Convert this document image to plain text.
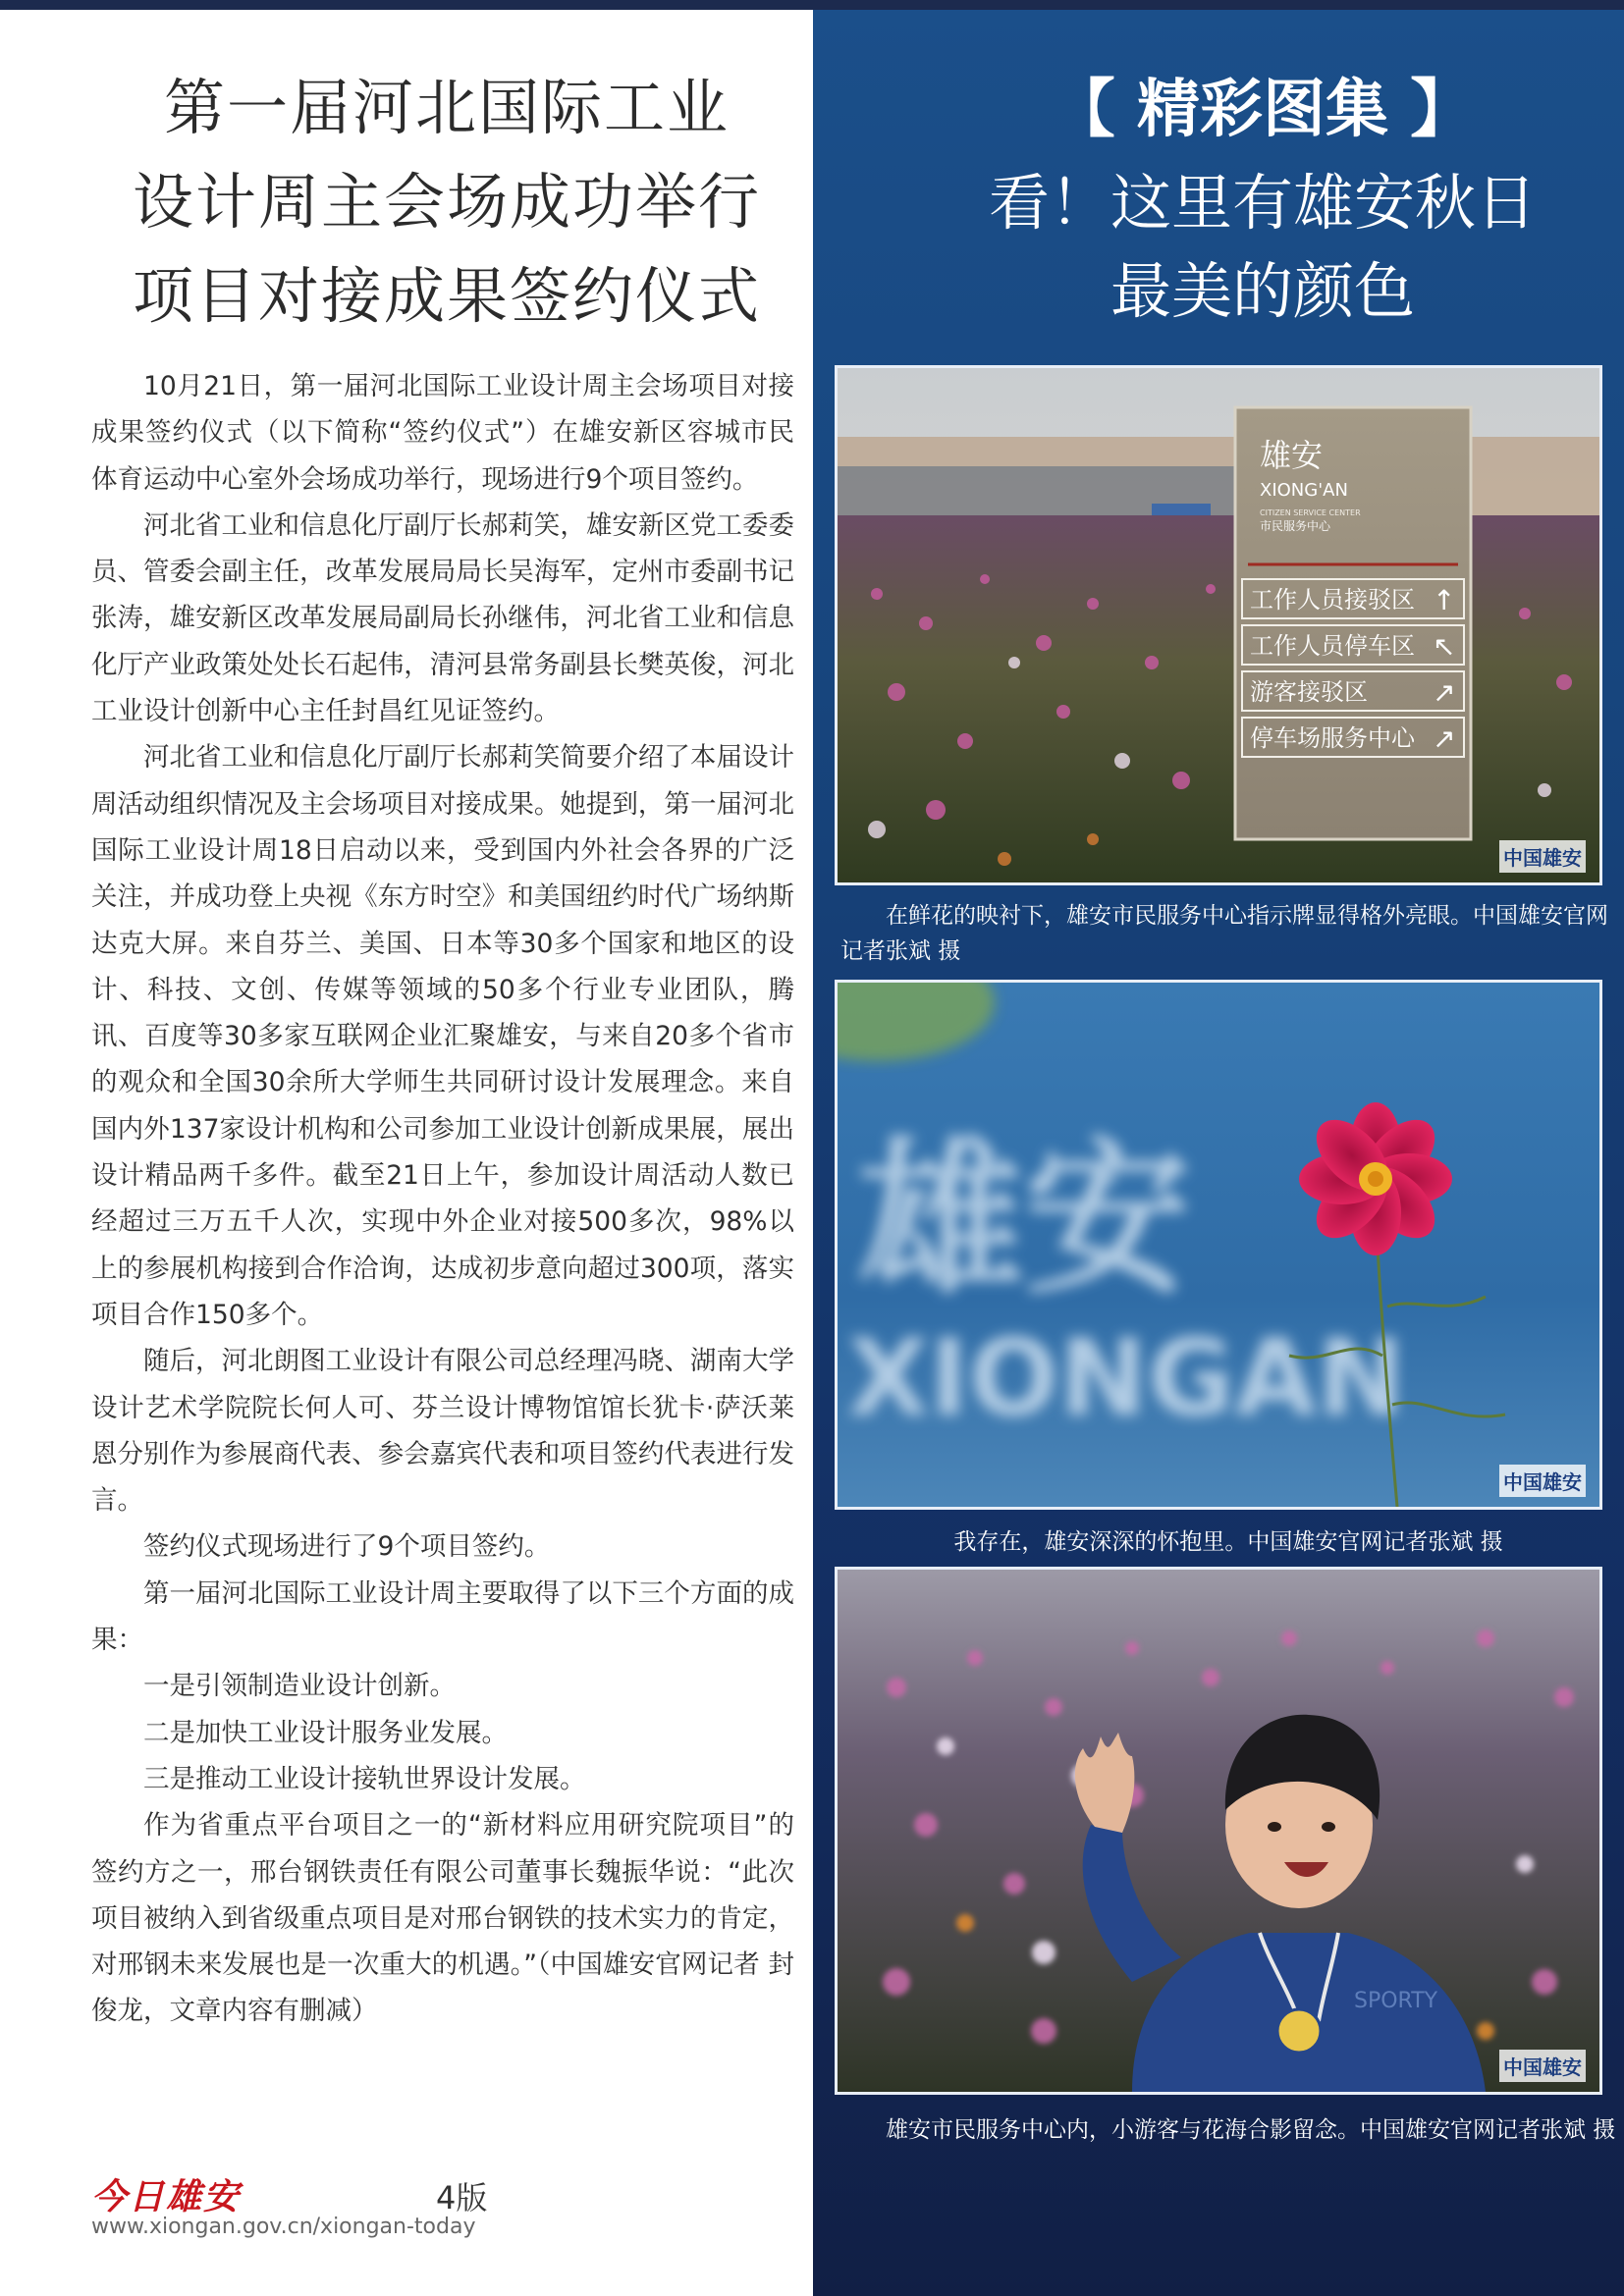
第一届河北国际工业
设计周主会场成功举行
项目对接成果签约仪式

10月21日，第一届河北国际工业设计周主会场项目对接成果签约仪式（以下简称“签约仪式”）在雄安新区容城市民体育运动中心室外会场成功举行，现场进行9个项目签约。

河北省工业和信息化厅副厅长郝莉笑，雄安新区党工委委员、管委会副主任，改革发展局局长吴海军，定州市委副书记张涛，雄安新区改革发展局副局长孙继伟，河北省工业和信息化厅产业政策处处长石起伟，清河县常务副县长樊英俊，河北工业设计创新中心主任封昌红见证签约。

河北省工业和信息化厅副厅长郝莉笑简要介绍了本届设计周活动组织情况及主会场项目对接成果。她提到，第一届河北国际工业设计周18日启动以来，受到国内外社会各界的广泛关注，并成功登上央视《东方时空》和美国纽约时代广场纳斯达克大屏。来自芬兰、美国、日本等30多个国家和地区的设计、科技、文创、传媒等领域的50多个行业专业团队，腾讯、百度等30多家互联网企业汇聚雄安，与来自20多个省市的观众和全国30余所大学师生共同研讨设计发展理念。来自国内外137家设计机构和公司参加工业设计创新成果展，展出设计精品两千多件。截至21日上午，参加设计周活动人数已经超过三万五千人次，实现中外企业对接500多次，98%以上的参展机构接到合作洽询，达成初步意向超过300项，落实项目合作150多个。

随后，河北朗图工业设计有限公司总经理冯晓、湖南大学设计艺术学院院长何人可、芬兰设计博物馆馆长犹卡·萨沃莱恩分别作为参展商代表、参会嘉宾代表和项目签约代表进行发言。

签约仪式现场进行了9个项目签约。

第一届河北国际工业设计周主要取得了以下三个方面的成果：

一是引领制造业设计创新。

二是加快工业设计服务业发展。

三是推动工业设计接轨世界设计发展。

作为省重点平台项目之一的“新材料应用研究院项目”的签约方之一，邢台钢铁责任有限公司董事长魏振华说：“此次项目被纳入到省级重点项目是对邢台钢铁的技术实力的肯定，对邢钢未来发展也是一次重大的机遇。”（中国雄安官网记者 封俊龙，文章内容有删减）

今日雄安	4版
www.xiongan.gov.cn/xiongan-today
【 精彩图集 】
看！这里有雄安秋日
最美的颜色
雄安
XIONG'AN
CITIZEN SERVICE CENTER
市民服务中心
工作人员接驳区 ↑
工作人员停车区 ↖
游客接驳区 ↗
停车场服务中心 ↗
中国雄安
在鲜花的映衬下，雄安市民服务中心指示牌显得格外亮眼。中国雄安官网记者张斌 摄
雄安
XIONGAN
中国雄安
我存在，雄安深深的怀抱里。中国雄安官网记者张斌 摄
SPORTY
中国雄安
雄安市民服务中心内，小游客与花海合影留念。中国雄安官网记者张斌 摄
